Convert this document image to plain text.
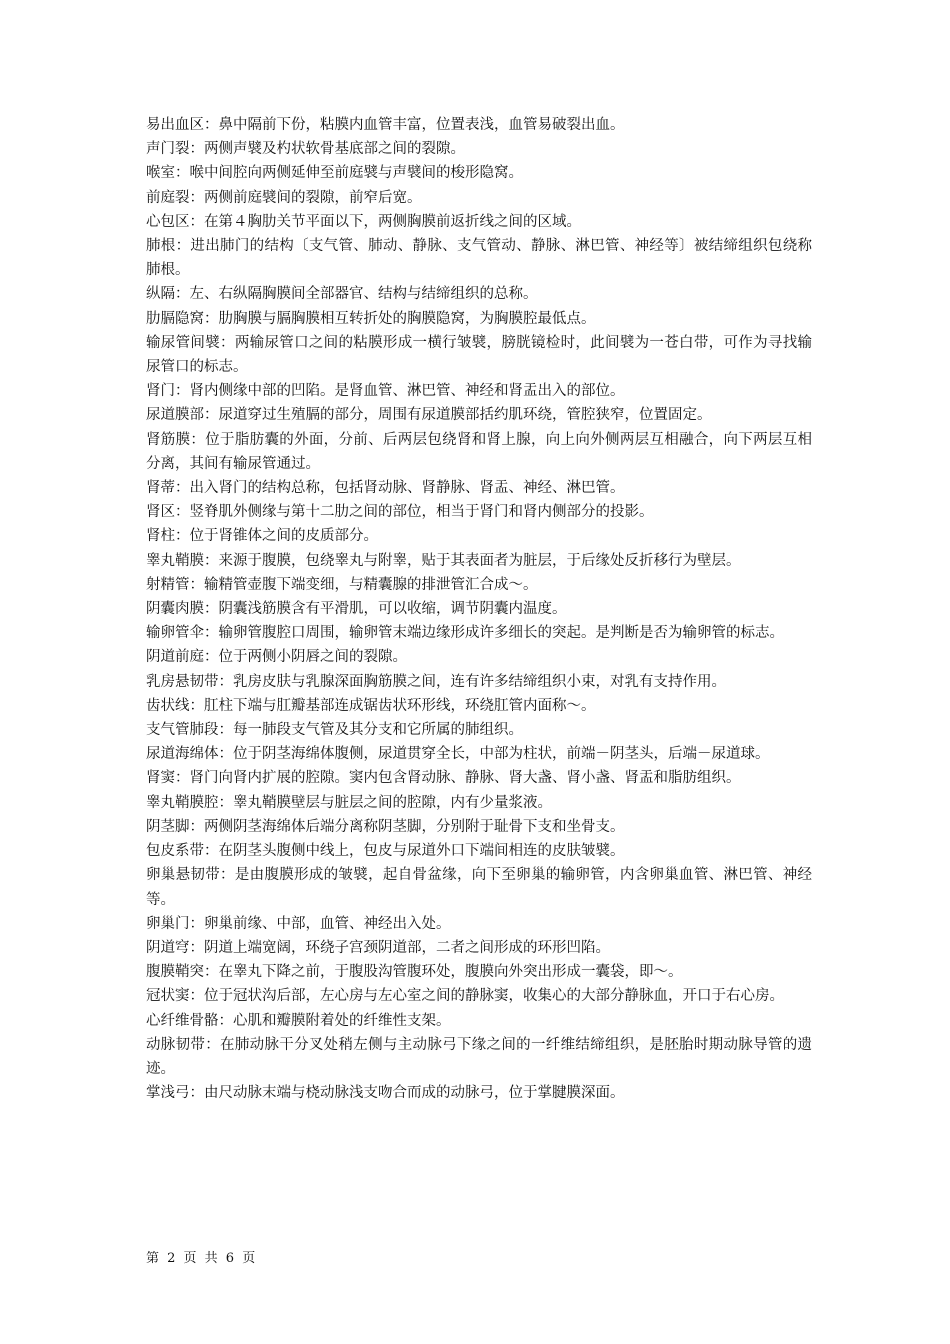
易出血区：鼻中隔前下份，粘膜内血管丰富，位置表浅，血管易破裂出血。

声门裂：两侧声襞及杓状软骨基底部之间的裂隙。

喉室：喉中间腔向两侧延伸至前庭襞与声襞间的梭形隐窝。

前庭裂：两侧前庭襞间的裂隙，前窄后宽。

心包区：在第４胸肋关节平面以下，两侧胸膜前返折线之间的区域。

肺根：进出肺门的结构〔支气管、肺动、静脉、支气管动、静脉、淋巴管、神经等〕被结缔组织包绕称肺根。

纵隔：左、右纵隔胸膜间全部器官、结构与结缔组织的总称。

肋膈隐窝：肋胸膜与膈胸膜相互转折处的胸膜隐窝，为胸膜腔最低点。

输尿管间襞：两输尿管口之间的粘膜形成一横行皱襞，膀胱镜检时，此间襞为一苍白带，可作为寻找输尿管口的标志。

肾门：肾内侧缘中部的凹陷。是肾血管、淋巴管、神经和肾盂出入的部位。

尿道膜部：尿道穿过生殖膈的部分，周围有尿道膜部括约肌环绕，管腔狭窄，位置固定。

肾筋膜：位于脂肪囊的外面，分前、后两层包绕肾和肾上腺，向上向外侧两层互相融合，向下两层互相分离，其间有输尿管通过。

肾蒂：出入肾门的结构总称，包括肾动脉、肾静脉、肾盂、神经、淋巴管。

肾区：竖脊肌外侧缘与第十二肋之间的部位，相当于肾门和肾内侧部分的投影。

肾柱：位于肾锥体之间的皮质部分。

睾丸鞘膜：来源于腹膜，包绕睾丸与附睾，贴于其表面者为脏层，于后缘处反折移行为壁层。

射精管：输精管壶腹下端变细，与精囊腺的排泄管汇合成～。

阴囊肉膜：阴囊浅筋膜含有平滑肌，可以收缩，调节阴囊内温度。

输卵管伞：输卵管腹腔口周围，输卵管末端边缘形成许多细长的突起。是判断是否为输卵管的标志。

阴道前庭：位于两侧小阴唇之间的裂隙。

乳房悬韧带：乳房皮肤与乳腺深面胸筋膜之间，连有许多结缔组织小束，对乳有支持作用。

齿状线：肛柱下端与肛瓣基部连成锯齿状环形线，环绕肛管内面称～。

支气管肺段：每一肺段支气管及其分支和它所属的肺组织。

尿道海绵体：位于阴茎海绵体腹侧，尿道贯穿全长，中部为柱状，前端－阴茎头，后端－尿道球。

肾窦：肾门向肾内扩展的腔隙。窦内包含肾动脉、静脉、肾大盏、肾小盏、肾盂和脂肪组织。

睾丸鞘膜腔：睾丸鞘膜壁层与脏层之间的腔隙，内有少量浆液。

阴茎脚：两侧阴茎海绵体后端分离称阴茎脚，分别附于耻骨下支和坐骨支。

包皮系带：在阴茎头腹侧中线上，包皮与尿道外口下端间相连的皮肤皱襞。

卵巢悬韧带：是由腹膜形成的皱襞，起自骨盆缘，向下至卵巢的输卵管，内含卵巢血管、淋巴管、神经等。

卵巢门：卵巢前缘、中部，血管、神经出入处。

阴道穹：阴道上端宽阔，环绕子宫颈阴道部，二者之间形成的环形凹陷。

腹膜鞘突：在睾丸下降之前，于腹股沟管腹环处，腹膜向外突出形成一囊袋，即～。

冠状窦：位于冠状沟后部，左心房与左心室之间的静脉窦，收集心的大部分静脉血，开口于右心房。

心纤维骨骼：心肌和瓣膜附着处的纤维性支架。

动脉韧带：在肺动脉干分叉处稍左侧与主动脉弓下缘之间的一纤维结缔组织，是胚胎时期动脉导管的遗迹。

掌浅弓：由尺动脉末端与桡动脉浅支吻合而成的动脉弓，位于掌腱膜深面。

第 2 页 共 6 页
